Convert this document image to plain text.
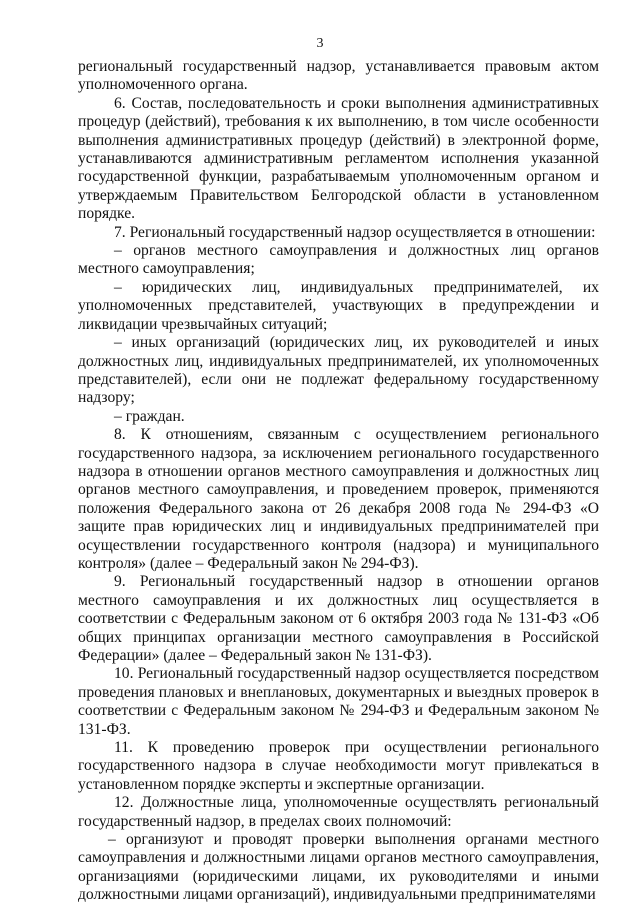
3

региональный государственный надзор, устанавливается правовым актом уполномоченного органа.

6. Состав, последовательность и сроки выполнения административных процедур (действий), требования к их выполнению, в том числе особенности выполнения административных процедур (действий) в электронной форме, устанавливаются административным регламентом исполнения указанной государственной функции, разрабатываемым уполномоченным органом и утверждаемым Правительством Белгородской области в установленном порядке.

7. Региональный государственный надзор осуществляется в отношении:

– органов местного самоуправления и должностных лиц органов местного самоуправления;

– юридических лиц, индивидуальных предпринимателей, их уполномоченных представителей, участвующих в предупреждении и ликвидации чрезвычайных ситуаций;

– иных организаций (юридических лиц, их руководителей и иных должностных лиц, индивидуальных предпринимателей, их уполномоченных представителей), если они не подлежат федеральному государственному надзору;

– граждан.

8. К отношениям, связанным с осуществлением регионального государственного надзора, за исключением регионального государственного надзора в отношении органов местного самоуправления и должностных лиц органов местного самоуправления, и проведением проверок, применяются положения Федерального закона от 26 декабря 2008 года № 294-ФЗ «О защите прав юридических лиц и индивидуальных предпринимателей при осуществлении государственного контроля (надзора) и муниципального контроля» (далее – Федеральный закон № 294-ФЗ).

9. Региональный государственный надзор в отношении органов местного самоуправления и их должностных лиц осуществляется в соответствии с Федеральным законом от 6 октября 2003 года № 131-ФЗ «Об общих принципах организации местного самоуправления в Российской Федерации» (далее – Федеральный закон № 131-ФЗ).

10. Региональный государственный надзор осуществляется посредством проведения плановых и внеплановых, документарных и выездных проверок в соответствии с Федеральным законом № 294-ФЗ и Федеральным законом № 131-ФЗ.

11. К проведению проверок при осуществлении регионального государственного надзора в случае необходимости могут привлекаться в установленном порядке эксперты и экспертные организации.

12. Должностные лица, уполномоченные осуществлять региональный государственный надзор, в пределах своих полномочий:

– организуют и проводят проверки выполнения органами местного самоуправления и должностными лицами органов местного самоуправления, организациями (юридическими лицами, их руководителями и иными должностными лицами организаций), индивидуальными предпринимателями
